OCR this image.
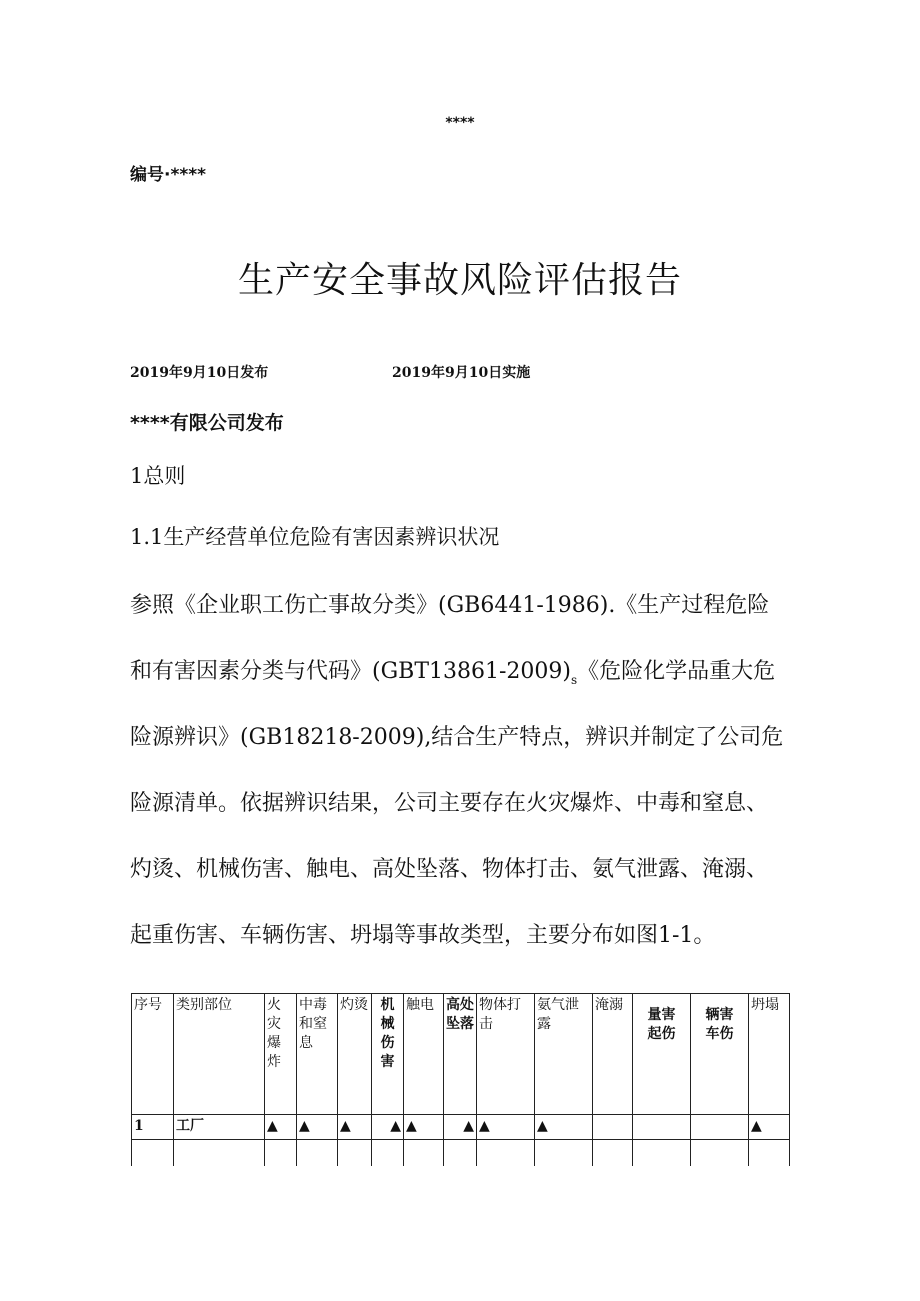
****
编号·****
生产安全事故风险评估报告
2019年9月10日发布	2019年9月10日实施
****有限公司发布
1总则
1.1生产经营单位危险有害因素辨识状况
参照《企业职工伤亡事故分类》(GB6441-1986).《生产过程危险
和有害因素分类与代码》$(GBT13861-2009)_s$《危险化学品重大危
险源辨识》(GB18218-2009),结合生产特点，辨识并制定了公司危
险源清单。依据辨识结果，公司主要存在火灾爆炸、中毒和窒息、
灼烫、机械伤害、触电、高处坠落、物体打击、氨气泄露、淹溺、
起重伤害、车辆伤害、坍塌等事故类型，主要分布如图1-1。
序号	类别部位	火灾爆炸	中毒和窒息	灼烫	机械伤害	触电	高处坠落	物体打击	氨气泄露	淹溺	量害起伤	辆害车伤	坍塌
1	工厂	▲	▲	▲	▲	▲	▲	▲	▲				▲
